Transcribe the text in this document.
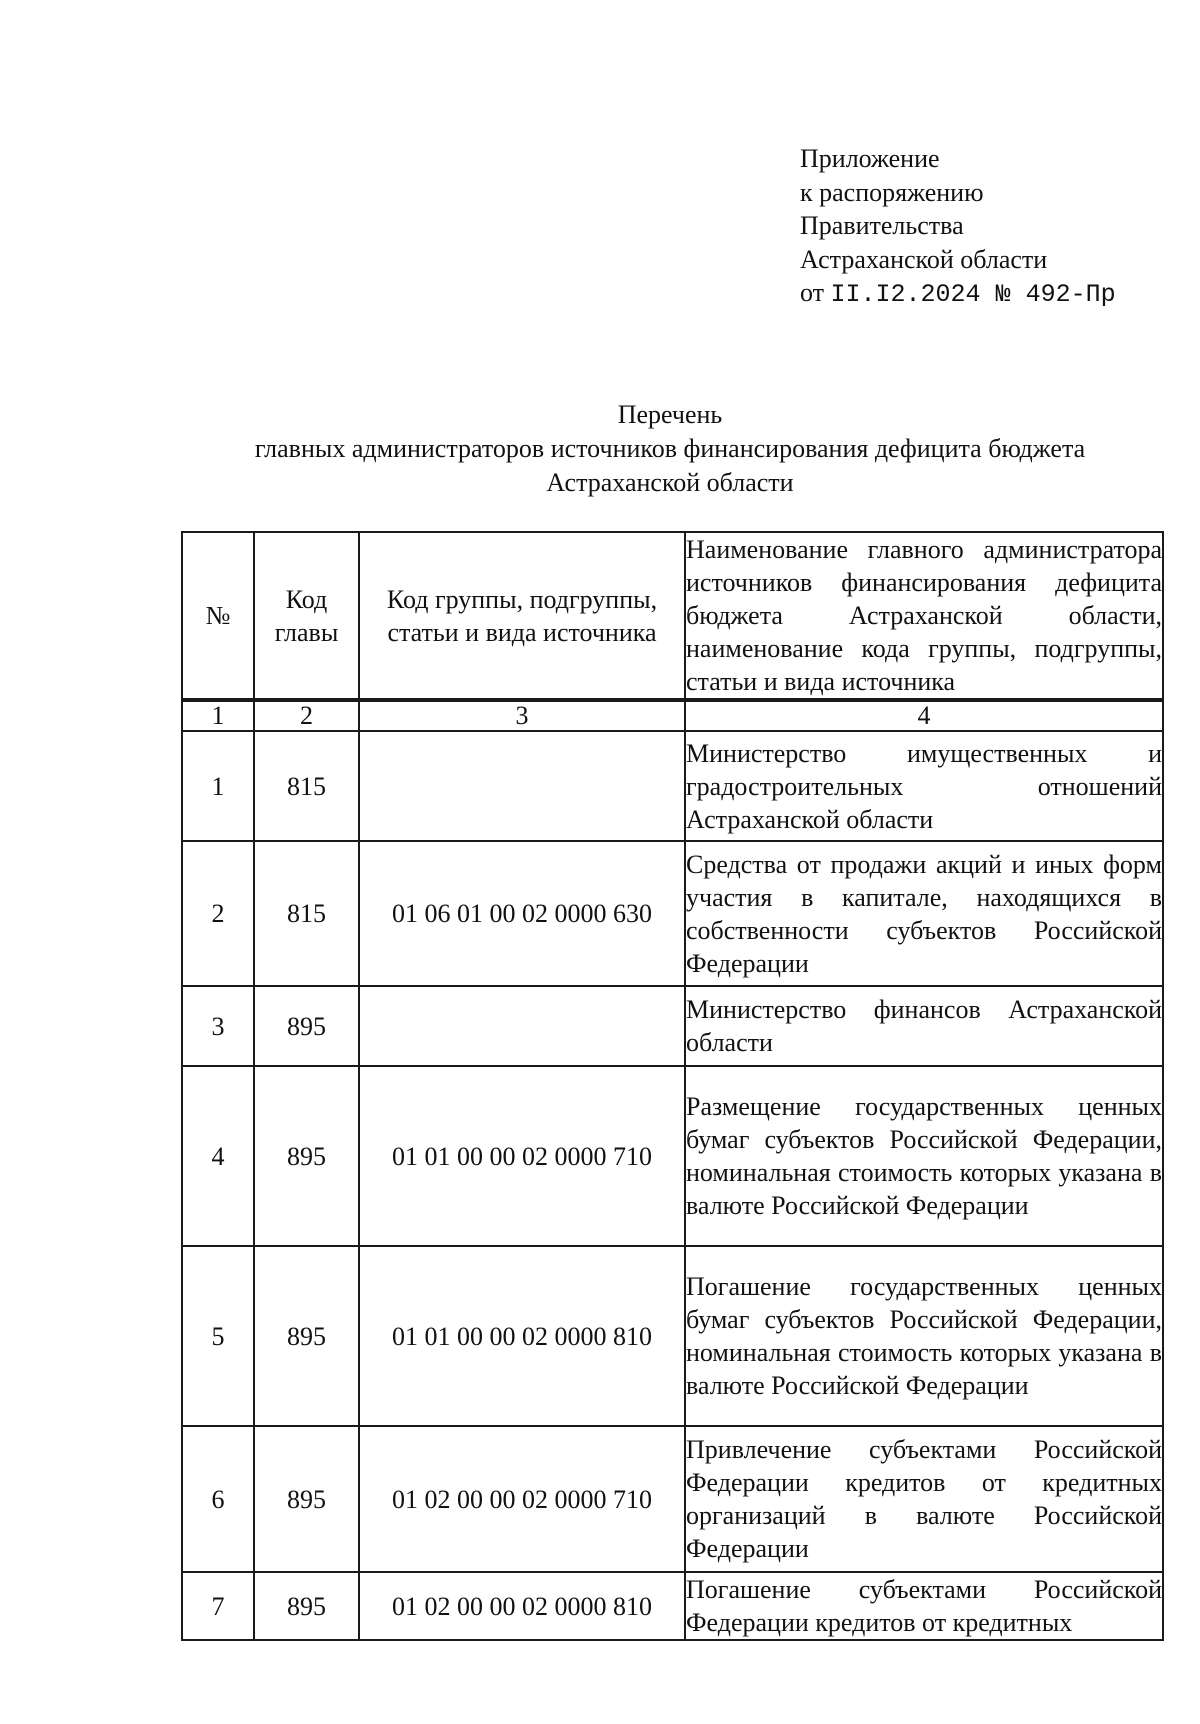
Приложение
к распоряжению
Правительства
Астраханской области
от II.I2.2024 № 492-Пр
Перечень
главных администраторов источников финансирования дефицита бюджета
Астраханской области
№	Код главы	Код группы, подгруппы, статьи и вида источника	Наименование главного администратора источников финансирования дефицита бюджета Астраханской области, наименование кода группы, подгруппы, статьи и вида источника
1	2	3	4
1	815		Министерство имущественных и градостроительных отношений Астраханской области
2	815	01 06 01 00 02 0000 630	Средства от продажи акций и иных форм участия в капитале, находящихся в собственности субъектов Российской Федерации
3	895		Министерство финансов Астраханской области
4	895	01 01 00 00 02 0000 710	Размещение государственных ценных бумаг субъектов Российской Федерации, номинальная стоимость которых указана в валюте Российской Федерации
5	895	01 01 00 00 02 0000 810	Погашение государственных ценных бумаг субъектов Российской Федерации, номинальная стоимость которых указана в валюте Российской Федерации
6	895	01 02 00 00 02 0000 710	Привлечение субъектами Российской Федерации кредитов от кредитных организаций в валюте Российской Федерации
7	895	01 02 00 00 02 0000 810	Погашение субъектами Российской Федерации кредитов от кредитных
